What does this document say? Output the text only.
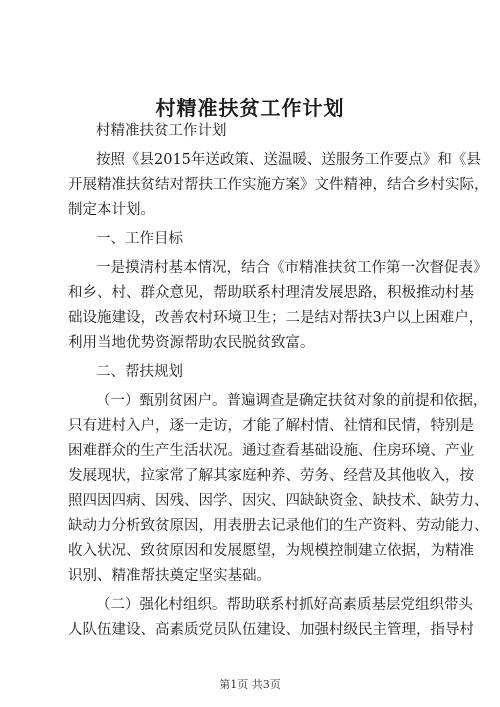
村精准扶贫工作计划
村精准扶贫工作计划
按照《县2015年送政策、送温暖、送服务工作要点》和《县
开展精准扶贫结对帮扶工作实施方案》文件精神，结合乡村实际，
制定本计划。
一、工作目标
一是摸清村基本情况，结合《市精准扶贫工作第一次督促表》
和乡、村、群众意见，帮助联系村理清发展思路，积极推动村基
础设施建设，改善农村环境卫生；二是结对帮扶3户以上困难户，
利用当地优势资源帮助农民脱贫致富。
二、帮扶规划
（一）甄别贫困户。普遍调查是确定扶贫对象的前提和依据，
只有进村入户，逐一走访，才能了解村情、社情和民情，特别是
困难群众的生产生活状况。通过查看基础设施、住房环境、产业
发展现状，拉家常了解其家庭种养、劳务、经营及其他收入，按
照四因四病、因残、因学、因灾、四缺缺资金、缺技术、缺劳力、
缺动力分析致贫原因，用表册去记录他们的生产资料、劳动能力、
收入状况、致贫原因和发展愿望，为规模控制建立依据，为精准
识别、精准帮扶奠定坚实基础。
（二）强化村组织。帮助联系村抓好高素质基层党组织带头
人队伍建设、高素质党员队伍建设、加强村级民主管理，指导村
第1页 共3页
